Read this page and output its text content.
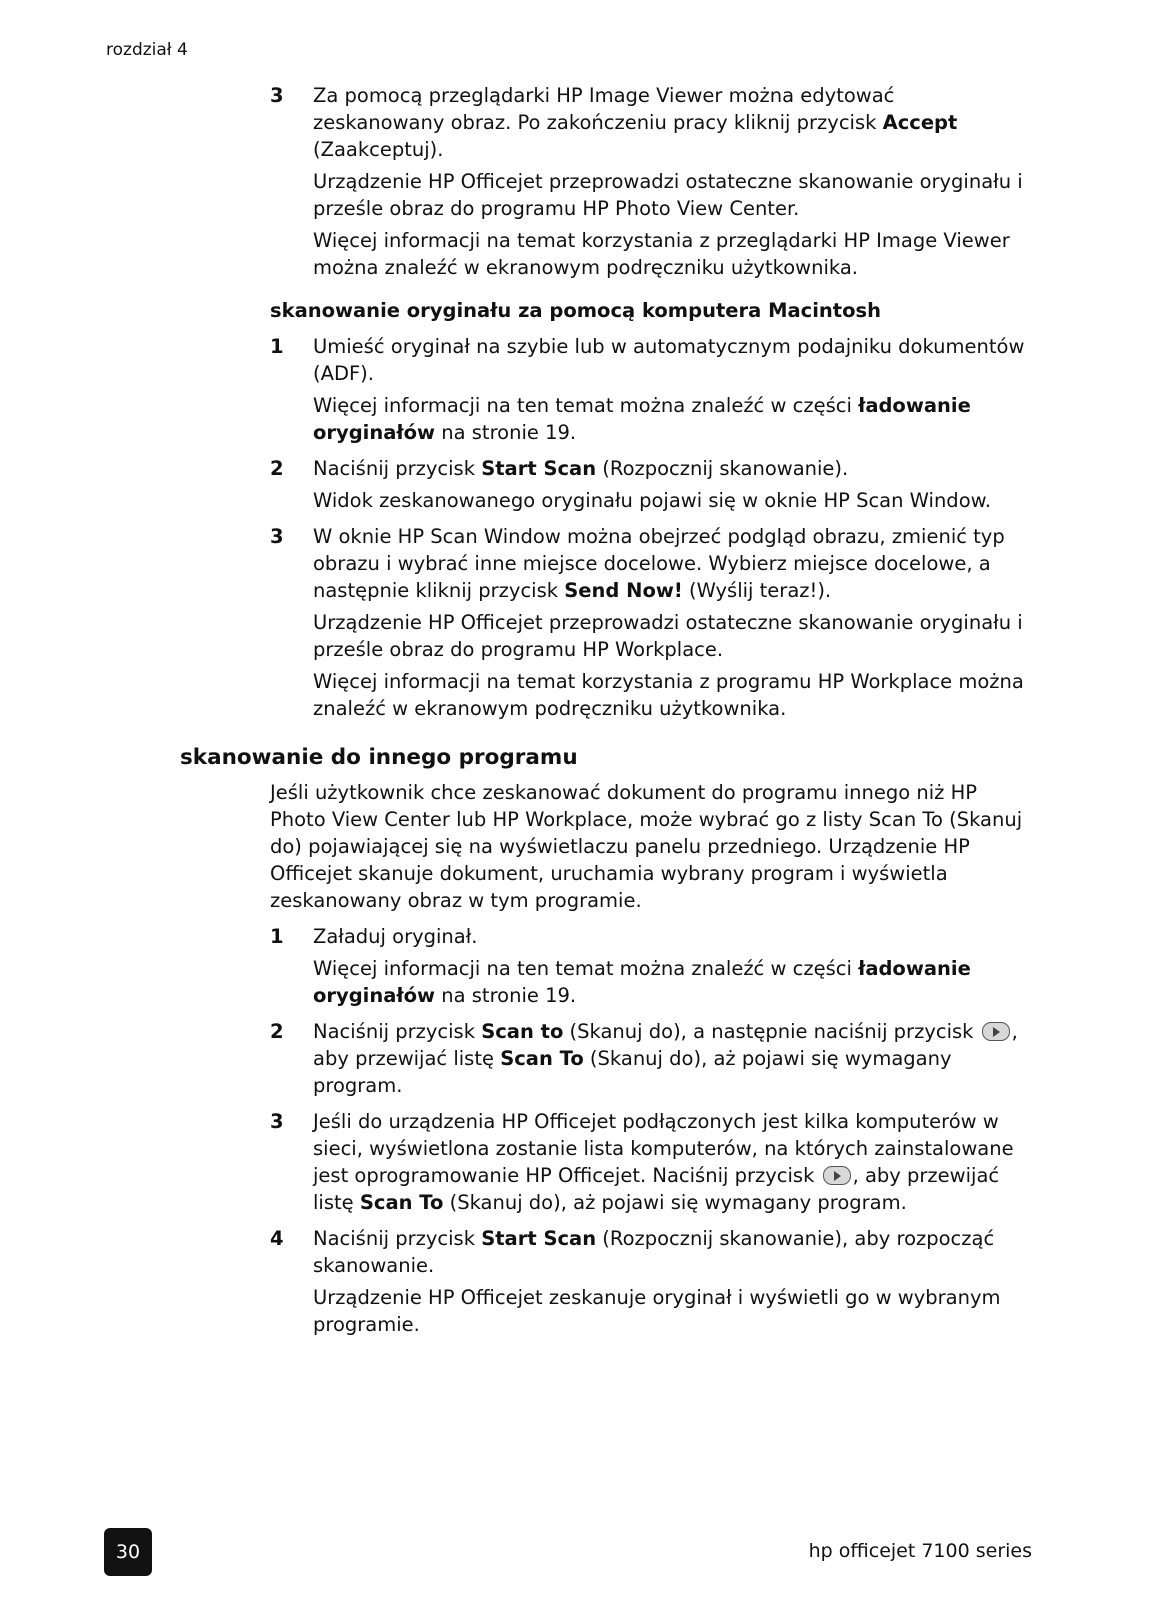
rozdział 4
3 Za pomocą przeglądarki HP Image Viewer można edytować zeskanowany obraz. Po zakończeniu pracy kliknij przycisk Accept (Zaakceptuj).

Urządzenie HP Officejet przeprowadzi ostateczne skanowanie oryginału i prześle obraz do programu HP Photo View Center.

Więcej informacji na temat korzystania z przeglądarki HP Image Viewer można znaleźć w ekranowym podręczniku użytkownika.

skanowanie oryginału za pomocą komputera Macintosh
1 Umieść oryginał na szybie lub w automatycznym podajniku dokumentów (ADF).

Więcej informacji na ten temat można znaleźć w części ładowanie oryginałów na stronie 19.

2 Naciśnij przycisk Start Scan (Rozpocznij skanowanie).

Widok zeskanowanego oryginału pojawi się w oknie HP Scan Window.

3 W oknie HP Scan Window można obejrzeć podgląd obrazu, zmienić typ obrazu i wybrać inne miejsce docelowe. Wybierz miejsce docelowe, a następnie kliknij przycisk Send Now! (Wyślij teraz!).

Urządzenie HP Officejet przeprowadzi ostateczne skanowanie oryginału i prześle obraz do programu HP Workplace.

Więcej informacji na temat korzystania z programu HP Workplace można znaleźć w ekranowym podręczniku użytkownika.

skanowanie do innego programu

Jeśli użytkownik chce zeskanować dokument do programu innego niż HP Photo View Center lub HP Workplace, może wybrać go z listy Scan To (Skanuj do) pojawiającej się na wyświetlaczu panelu przedniego. Urządzenie HP Officejet skanuje dokument, uruchamia wybrany program i wyświetla zeskanowany obraz w tym programie.

1 Załaduj oryginał.

Więcej informacji na ten temat można znaleźć w części ładowanie oryginałów na stronie 19.

2 Naciśnij przycisk Scan to (Skanuj do), a następnie naciśnij przycisk , aby przewijać listę Scan To (Skanuj do), aż pojawi się wymagany program.

3 Jeśli do urządzenia HP Officejet podłączonych jest kilka komputerów w sieci, wyświetlona zostanie lista komputerów, na których zainstalowane jest oprogramowanie HP Officejet. Naciśnij przycisk , aby przewijać listę Scan To (Skanuj do), aż pojawi się wymagany program.

4 Naciśnij przycisk Start Scan (Rozpocznij skanowanie), aby rozpocząć skanowanie.

Urządzenie HP Officejet zeskanuje oryginał i wyświetli go w wybranym programie.

30	hp officejet 7100 series
